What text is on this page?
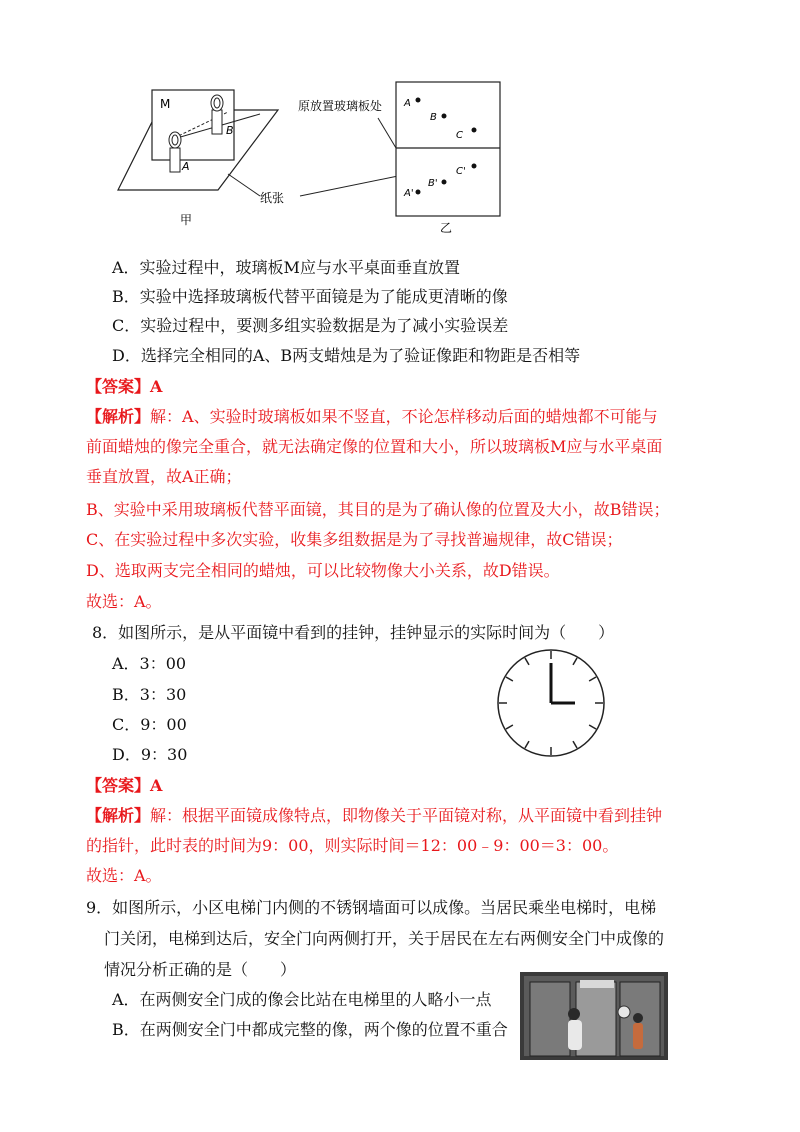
M
B
A
甲
纸张
原放置玻璃板处 A
B
C
C'
B'
A'
乙
A．实验过程中，玻璃板M应与水平桌面垂直放置
B．实验中选择玻璃板代替平面镜是为了能成更清晰的像
C．实验过程中，要测多组实验数据是为了减小实验误差
D．选择完全相同的A、B两支蜡烛是为了验证像距和物距是否相等
【答案】A
【解析】解：A、实验时玻璃板如果不竖直，不论怎样移动后面的蜡烛都不可能与
前面蜡烛的像完全重合，就无法确定像的位置和大小，所以玻璃板M应与水平桌面
垂直放置，故A正确；
B、实验中采用玻璃板代替平面镜，其目的是为了确认像的位置及大小，故B错误；
C、在实验过程中多次实验，收集多组数据是为了寻找普遍规律，故C错误；
D、选取两支完全相同的蜡烛，可以比较物像大小关系，故D错误。
故选：A。
8．如图所示，是从平面镜中看到的挂钟，挂钟显示的实际时间为（　　）
A．3：00
B．3：30
C．9：00
D．9：30
【答案】A
【解析】解：根据平面镜成像特点，即物像关于平面镜对称，从平面镜中看到挂钟
的指针，此时表的时间为9：00，则实际时间＝12：00﹣9：00＝3：00。
故选：A。
9．如图所示，小区电梯门内侧的不锈钢墙面可以成像。当居民乘坐电梯时，电梯
门关闭，电梯到达后，安全门向两侧打开，关于居民在左右两侧安全门中成像的
情况分析正确的是（　　）
A．在两侧安全门成的像会比站在电梯里的人略小一点
B．在两侧安全门中都成完整的像，两个像的位置不重合
